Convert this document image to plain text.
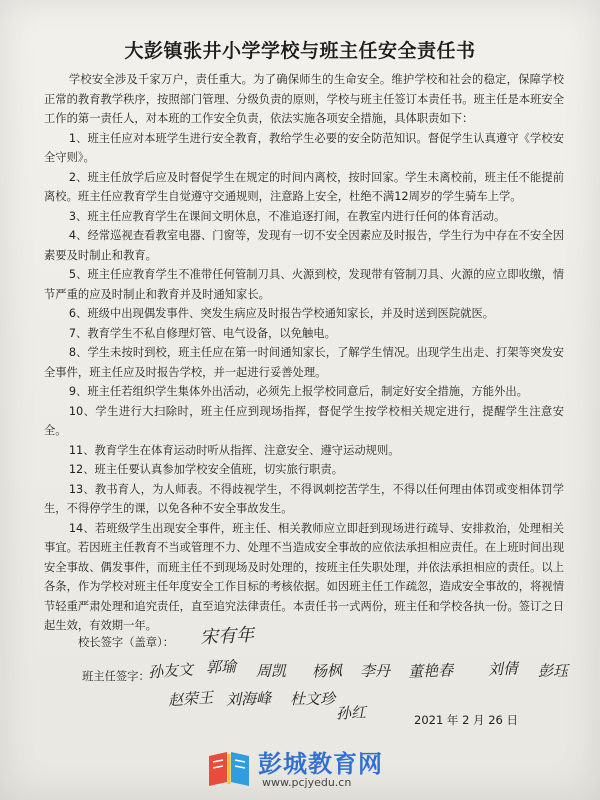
大彭镇张井小学学校与班主任安全责任书

学校安全涉及千家万户，责任重大。为了确保师生的生命安全。维护学校和社会的稳定，保障学校正常的教育教学秩序，按照部门管理、分级负责的原则，学校与班主任签订本责任书。班主任是本班安全工作的第一责任人，对本班的工作安全负责，依法实施各项安全措施，具体职责如下：

1、班主任应对本班学生进行安全教育，教给学生必要的安全防范知识。督促学生认真遵守《学校安全守则》。

2、班主任放学后应及时督促学生在规定的时间内离校，按时回家。学生未离校前，班主任不能提前离校。班主任应教育学生自觉遵守交通规则，注意路上安全，杜绝不满12周岁的学生骑车上学。

3、班主任应教育学生在课间文明休息，不准追逐打闹，在教室内进行任何的体育活动。

4、经常巡视查看教室电器、门窗等，发现有一切不安全因素应及时报告，学生行为中存在不安全因素要及时制止和教育。

5、班主任应教育学生不准带任何管制刀具、火源到校，发现带有管制刀具、火源的应立即收缴，情节严重的应及时制止和教育并及时通知家长。

6、班级中出现偶发事件、突发生病应及时报告学校通知家长，并及时送到医院就医。

7、教育学生不私自修理灯管、电气设备，以免触电。

8、学生未按时到校，班主任应在第一时间通知家长，了解学生情况。出现学生出走、打架等突发安全事件，班主任应及时报告学校，并一起进行妥善处理。

9、班主任若组织学生集体外出活动，必须先上报学校同意后，制定好安全措施，方能外出。

10、学生进行大扫除时，班主任应到现场指挥，督促学生按学校相关规定进行，提醒学生注意安全。

11、教育学生在体育运动时听从指挥、注意安全、遵守运动规则。

12、班主任要认真参加学校安全值班，切实旅行职责。

13、教书育人，为人师表。不得歧视学生，不得讽刺挖苦学生，不得以任何理由体罚或变相体罚学生，不得停学生的课，以免各种不安全事故发生。

14、若班级学生出现安全事件，班主任、相关教师应立即赶到现场进行疏导、安排救治，处理相关事宜。若因班主任教育不当或管理不力、处理不当造成安全事故的应依法承担相应责任。在上班时间出现安全事故、偶发事件，而班主任不到现场及时处理的，按班主任失职处理，并依法承担相应的责任。以上各条，作为学校对班主任年度安全工作目标的考核依据。如因班主任工作疏忽，造成安全事故的，将视情节轻重严肃处理和追究责任，直至追究法律责任。本责任书一式两份，班主任和学校各执一份。签订之日起生效，有效期一年。

校长签字（盖章）： 宋有年
班主任签字：
孙友文 郭瑜 周凯 杨枫 李丹 董艳春 刘倩 彭珏
赵荣王 刘海峰 杜文珍
孙红	2021 年 2 月 26 日
彭城教育网
www.pcjyedu.cn
